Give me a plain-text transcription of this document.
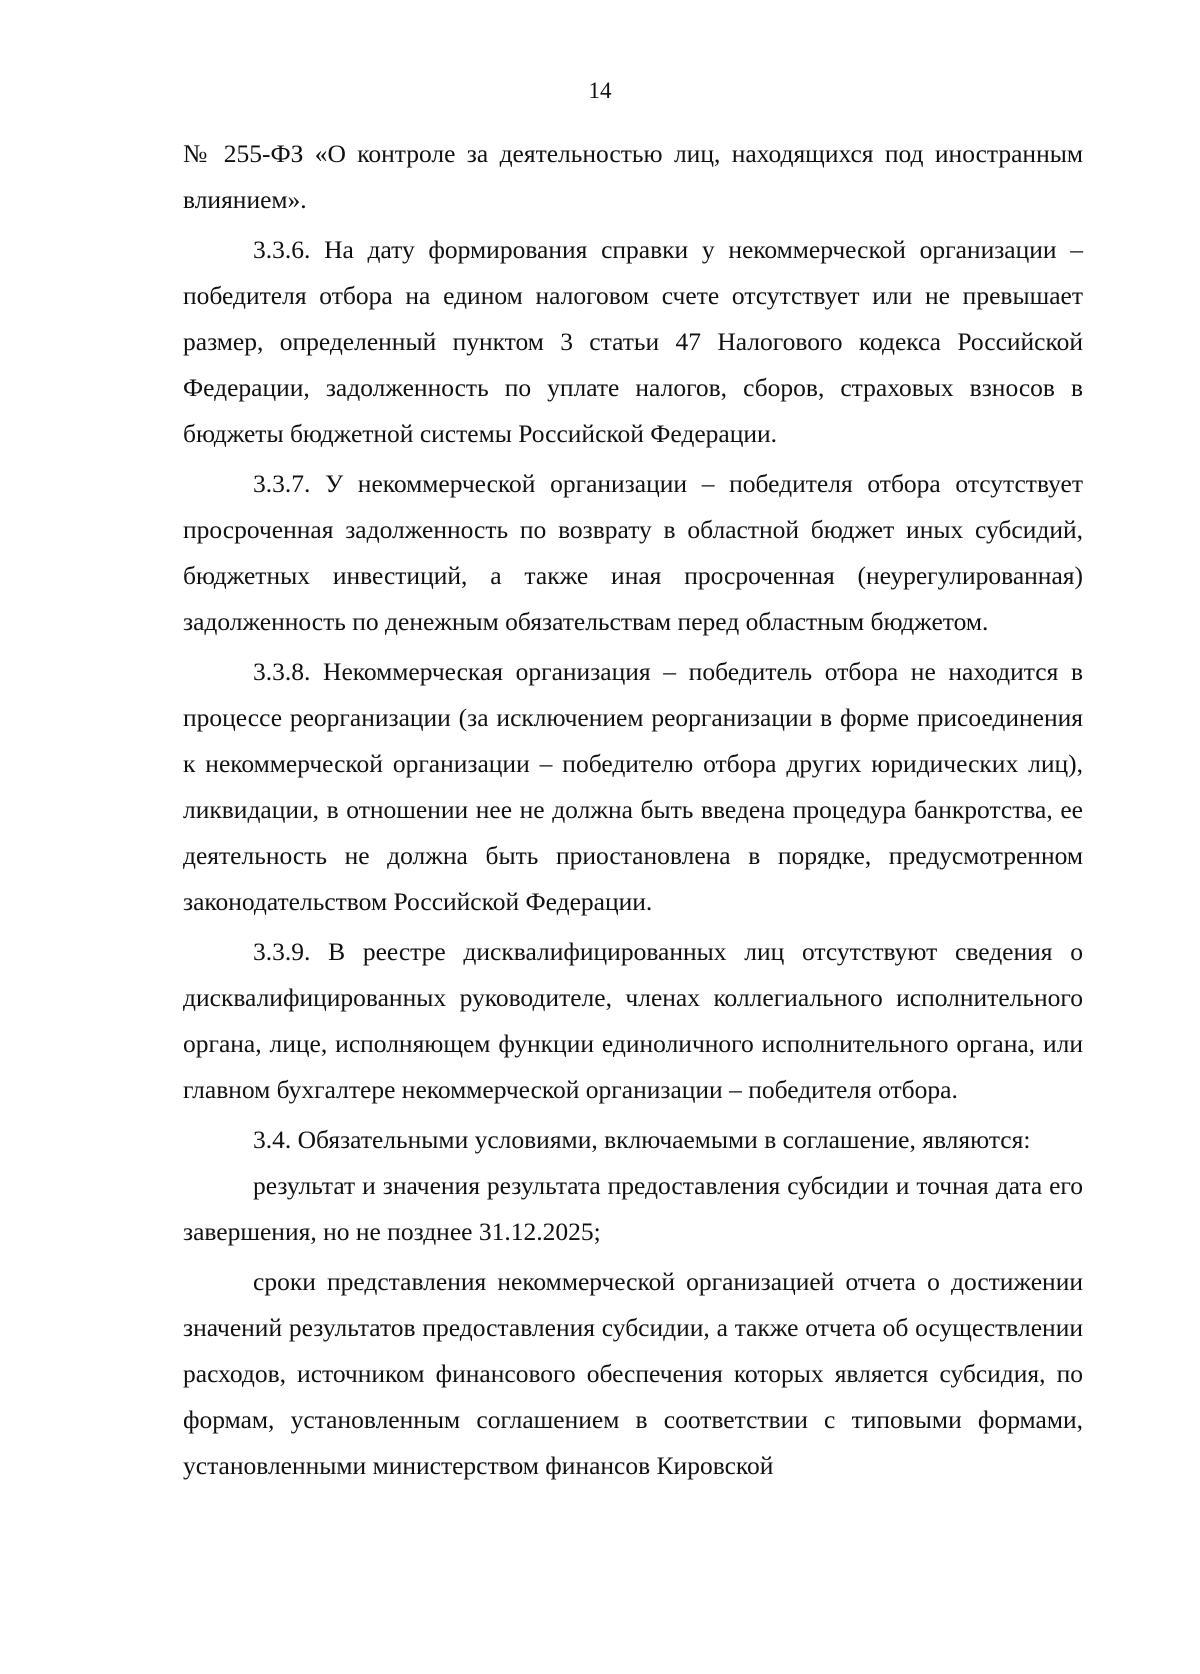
14

№ 255-ФЗ «О контроле за деятельностью лиц, находящихся под иностранным влиянием».

3.3.6. На дату формирования справки у некоммерческой организации – победителя отбора на едином налоговом счете отсутствует или не превышает размер, определенный пунктом 3 статьи 47 Налогового кодекса Российской Федерации, задолженность по уплате налогов, сборов, страховых взносов в бюджеты бюджетной системы Российской Федерации.

3.3.7. У некоммерческой организации – победителя отбора отсутствует просроченная задолженность по возврату в областной бюджет иных субсидий, бюджетных инвестиций, а также иная просроченная (неурегулированная) задолженность по денежным обязательствам перед областным бюджетом.

3.3.8. Некоммерческая организация – победитель отбора не находится в процессе реорганизации (за исключением реорганизации в форме присоединения к некоммерческой организации – победителю отбора других юридических лиц), ликвидации, в отношении нее не должна быть введена процедура банкротства, ее деятельность не должна быть приостановлена в порядке, предусмотренном законодательством Российской Федерации.

3.3.9. В реестре дисквалифицированных лиц отсутствуют сведения о дисквалифицированных руководителе, членах коллегиального исполнительного органа, лице, исполняющем функции единоличного исполнительного органа, или главном бухгалтере некоммерческой организации – победителя отбора.

3.4. Обязательными условиями, включаемыми в соглашение, являются:

результат и значения результата предоставления субсидии и точная дата его завершения, но не позднее 31.12.2025;

сроки представления некоммерческой организацией отчета о достижении значений результатов предоставления субсидии, а также отчета об осуществлении расходов, источником финансового обеспечения которых является субсидия, по формам, установленным соглашением в соответствии с типовыми формами, установленными министерством финансов Кировской
